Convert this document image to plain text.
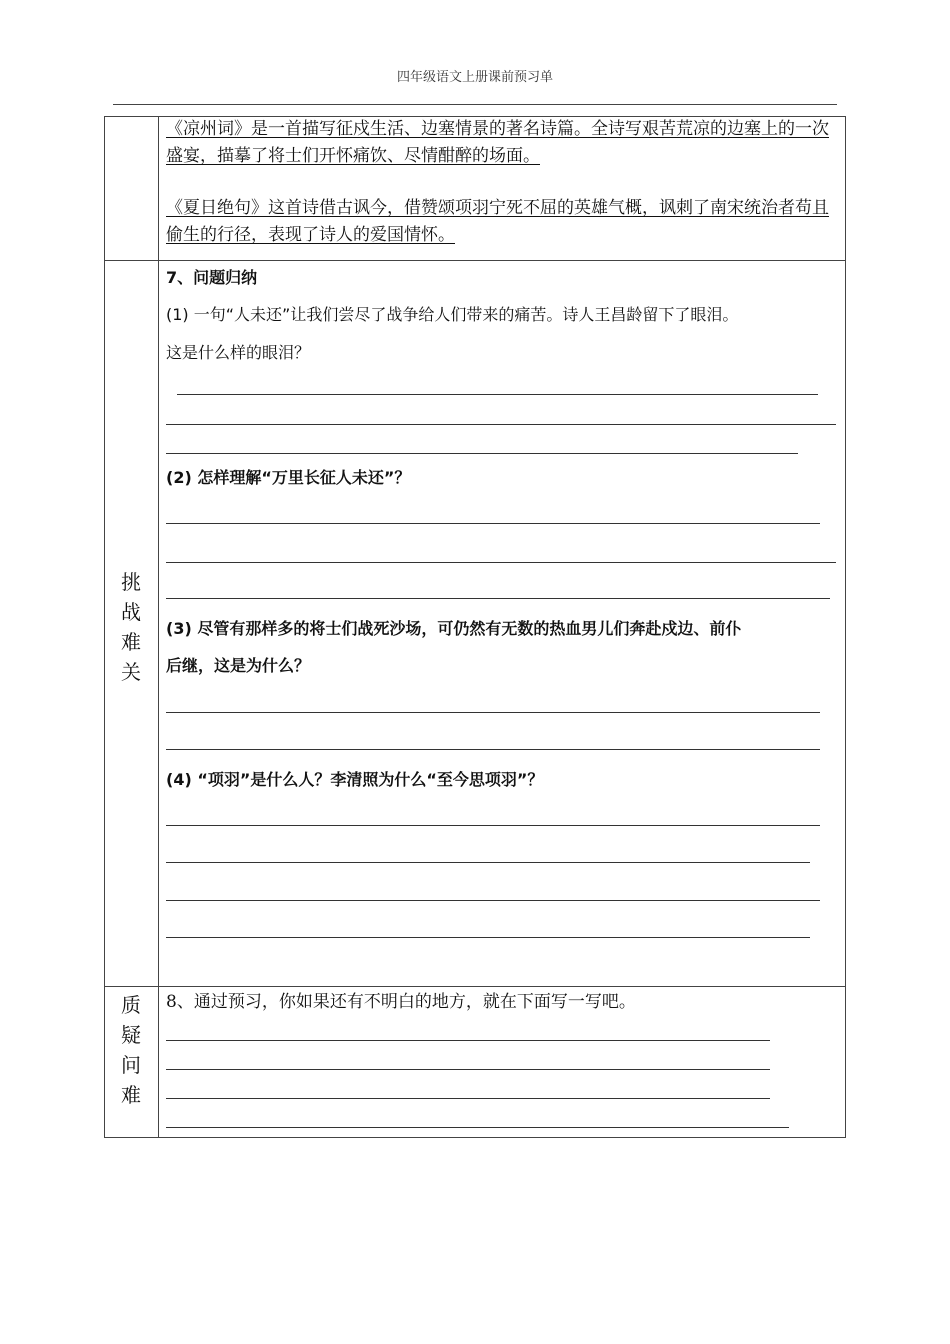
四年级语文上册课前预习单

《凉州词》是一首描写征戍生活、边塞情景的著名诗篇。全诗写艰苦荒凉的边塞上的一次盛宴，描摹了将士们开怀痛饮、尽情酣醉的场面。

《夏日绝句》这首诗借古讽今，借赞颂项羽宁死不屈的英雄气概，讽刺了南宋统治者苟且偷生的行径，表现了诗人的爱国情怀。

挑战难关
7、问题归纳
(1) 一句“人未还”让我们尝尽了战争给人们带来的痛苦。诗人王昌龄留下了眼泪。
这是什么样的眼泪？
(2) 怎样理解“万里长征人未还”？
(3) 尽管有那样多的将士们战死沙场，可仍然有无数的热血男儿们奔赴戍边、前仆
后继，这是为什么？
(4) “项羽”是什么人？李清照为什么“至今思项羽”？
质疑问难
8、通过预习，你如果还有不明白的地方，就在下面写一写吧。
